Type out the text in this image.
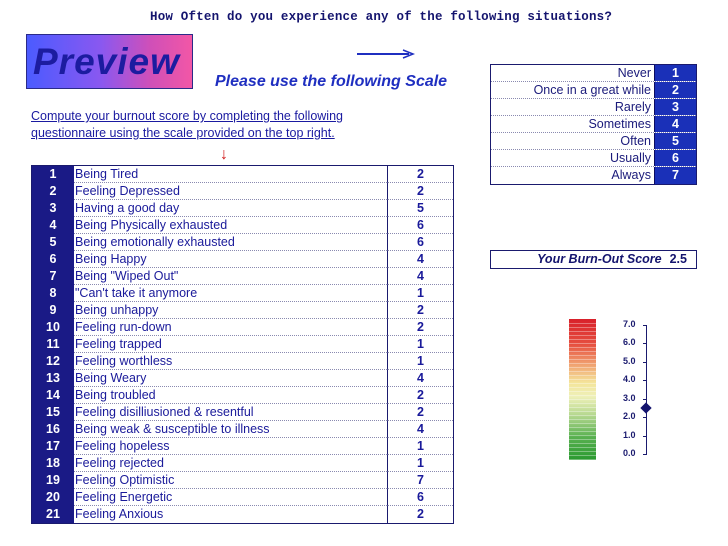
How Often do you experience any of the following situations?
Preview Please use the following Scale
Compute your burnout score by completing the following questionnaire using the scale provided on the top right.
↓
Never	1
Once in a great while	2
Rarely	3
Sometimes	4
Often	5
Usually	6
Always	7
1	Being Tired	2
2	Feeling Depressed	2
3	Having a good day	5
4	Being Physically exhausted	6
5	Being emotionally exhausted	6
6	Being Happy	4
7	Being "Wiped Out"	4
8	"Can't take it anymore	1
9	Being unhappy	2
10	Feeling run-down	2
11	Feeling trapped	1
12	Feeling worthless	1
13	Being Weary	4
14	Being troubled	2
15	Feeling disilliusioned & resentful	2
16	Being weak & susceptible to illness	4
17	Feeling hopeless	1
18	Feeling rejected	1
19	Feeling Optimistic	7
20	Feeling Energetic	6
21	Feeling Anxious	2
Your Burn-Out Score 2.5
7.0
6.0
5.0
4.0
3.0
2.0
1.0
0.0
